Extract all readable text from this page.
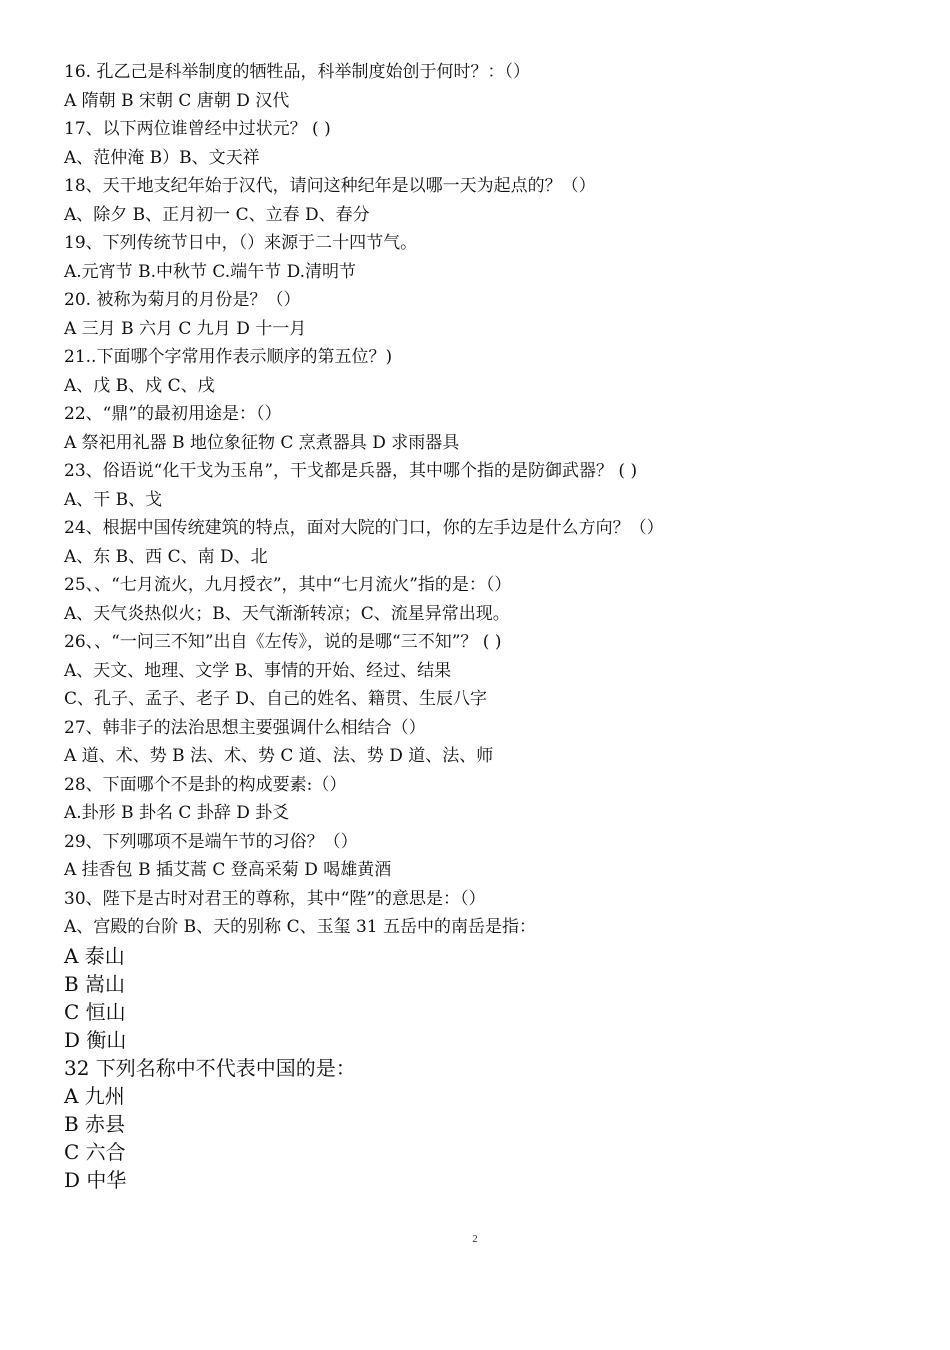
16. 孔乙己是科举制度的牺牲品，科举制度始创于何时？：（）
A 隋朝 B 宋朝 C 唐朝 D 汉代
17、以下两位谁曾经中过状元？ ( )
A、范仲淹 B）B、文天祥
18、天干地支纪年始于汉代，请问这种纪年是以哪一天为起点的？（）
A、除夕 B、正月初一 C、立春 D、春分
19、下列传统节日中，（）来源于二十四节气。
A.元宵节 B.中秋节 C.端午节 D.清明节
20. 被称为菊月的月份是？（）
A 三月 B 六月 C 九月 D 十一月
21..下面哪个字常用作表示顺序的第五位？)
A、戊 B、戍 C、戌
22、“鼎”的最初用途是：（）
A 祭祀用礼器 B 地位象征物 C 烹煮器具 D 求雨器具
23、俗语说“化干戈为玉帛”，干戈都是兵器，其中哪个指的是防御武器？ ( )
A、干 B、戈
24、根据中国传统建筑的特点，面对大院的门口，你的左手边是什么方向？（）
A、东 B、西 C、南 D、北
25、、“七月流火，九月授衣”，其中“七月流火”指的是：（）
A、天气炎热似火；B、天气渐渐转凉；C、流星异常出现。
26、、“一问三不知”出自《左传》，说的是哪“三不知”？ ( )
A、天文、地理、文学 B、事情的开始、经过、结果
C、孔子、孟子、老子 D、自己的姓名、籍贯、生辰八字
27、韩非子的法治思想主要强调什么相结合（）
A 道、术、势 B 法、术、势 C 道、法、势 D 道、法、师
28、下面哪个不是卦的构成要素:（）
A.卦形 B 卦名 C 卦辞 D 卦爻
29、下列哪项不是端午节的习俗？（）
A 挂香包 B 插艾蒿 C 登高采菊 D 喝雄黄酒
30、陛下是古时对君王的尊称，其中“陛”的意思是：（）
A、宫殿的台阶 B、天的别称 C、玉玺 31 五岳中的南岳是指：
A 泰山
B 嵩山
C 恒山
D 衡山
32 下列名称中不代表中国的是：
A 九州
B 赤县
C 六合
D 中华
2
